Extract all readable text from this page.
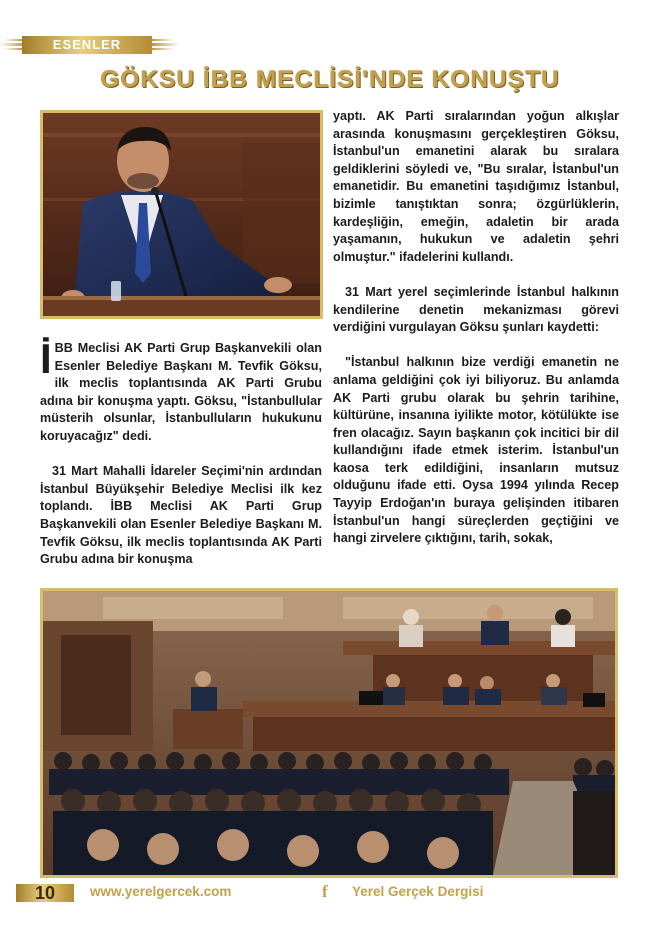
ESENLER
GÖKSU İBB MECLİSİ'NDE KONUŞTU

İBB Meclisi AK Parti Grup Başkanvekili olan Esenler Belediye Başkanı M. Tevfik Göksu, ilk meclis toplantısında AK Parti Grubu adına bir konuşma yaptı. Göksu, "İstanbullular müsterih olsunlar, İstanbulluların hukukunu koruyacağız" dedi.

31 Mart Mahalli İdareler Seçimi'nin ardından İstanbul Büyükşehir Belediye Meclisi ilk kez toplandı. İBB Meclisi AK Parti Grup Başkanvekili olan Esenler Belediye Başkanı M. Tevfik Göksu, ilk meclis toplantısında AK Parti Grubu adına bir konuşma

yaptı. AK Parti sıralarından yoğun alkışlar arasında konuşmasını gerçekleştiren Göksu, İstanbul'un emanetini alarak bu sıralara geldiklerini söyledi ve, "Bu sıralar, İstanbul'un emanetidir. Bu emanetini taşıdığımız İstanbul, bizimle tanıştıktan sonra; özgürlüklerin, kardeşliğin, emeğin, adaletin bir arada yaşamanın, hukukun ve adaletin şehri olmuştur." ifadelerini kullandı.

31 Mart yerel seçimlerinde İstanbul halkının kendilerine denetin mekanizması görevi verdiğini vurgulayan Göksu şunları kaydetti:

"İstanbul halkının bize verdiği emanetin ne anlama geldiğini çok iyi biliyoruz. Bu anlamda AK Parti grubu olarak bu şehrin tarihine, kültürüne, insanına iyilikte motor, kötülükte ise fren olacağız. Sayın başkanın çok incitici bir dil kullandığını ifade etmek isterim. İstanbul'un kaosa terk edildiğini, insanların mutsuz olduğunu ifade etti. Oysa 1994 yılında Recep Tayyip Erdoğan'ın buraya gelişinden itibaren İstanbul'un hangi süreçlerden geçtiğini ve hangi zirvelere çıktığını, tarih, sokak,

10	www.yerelgercek.com	f Yerel Gerçek Dergisi
